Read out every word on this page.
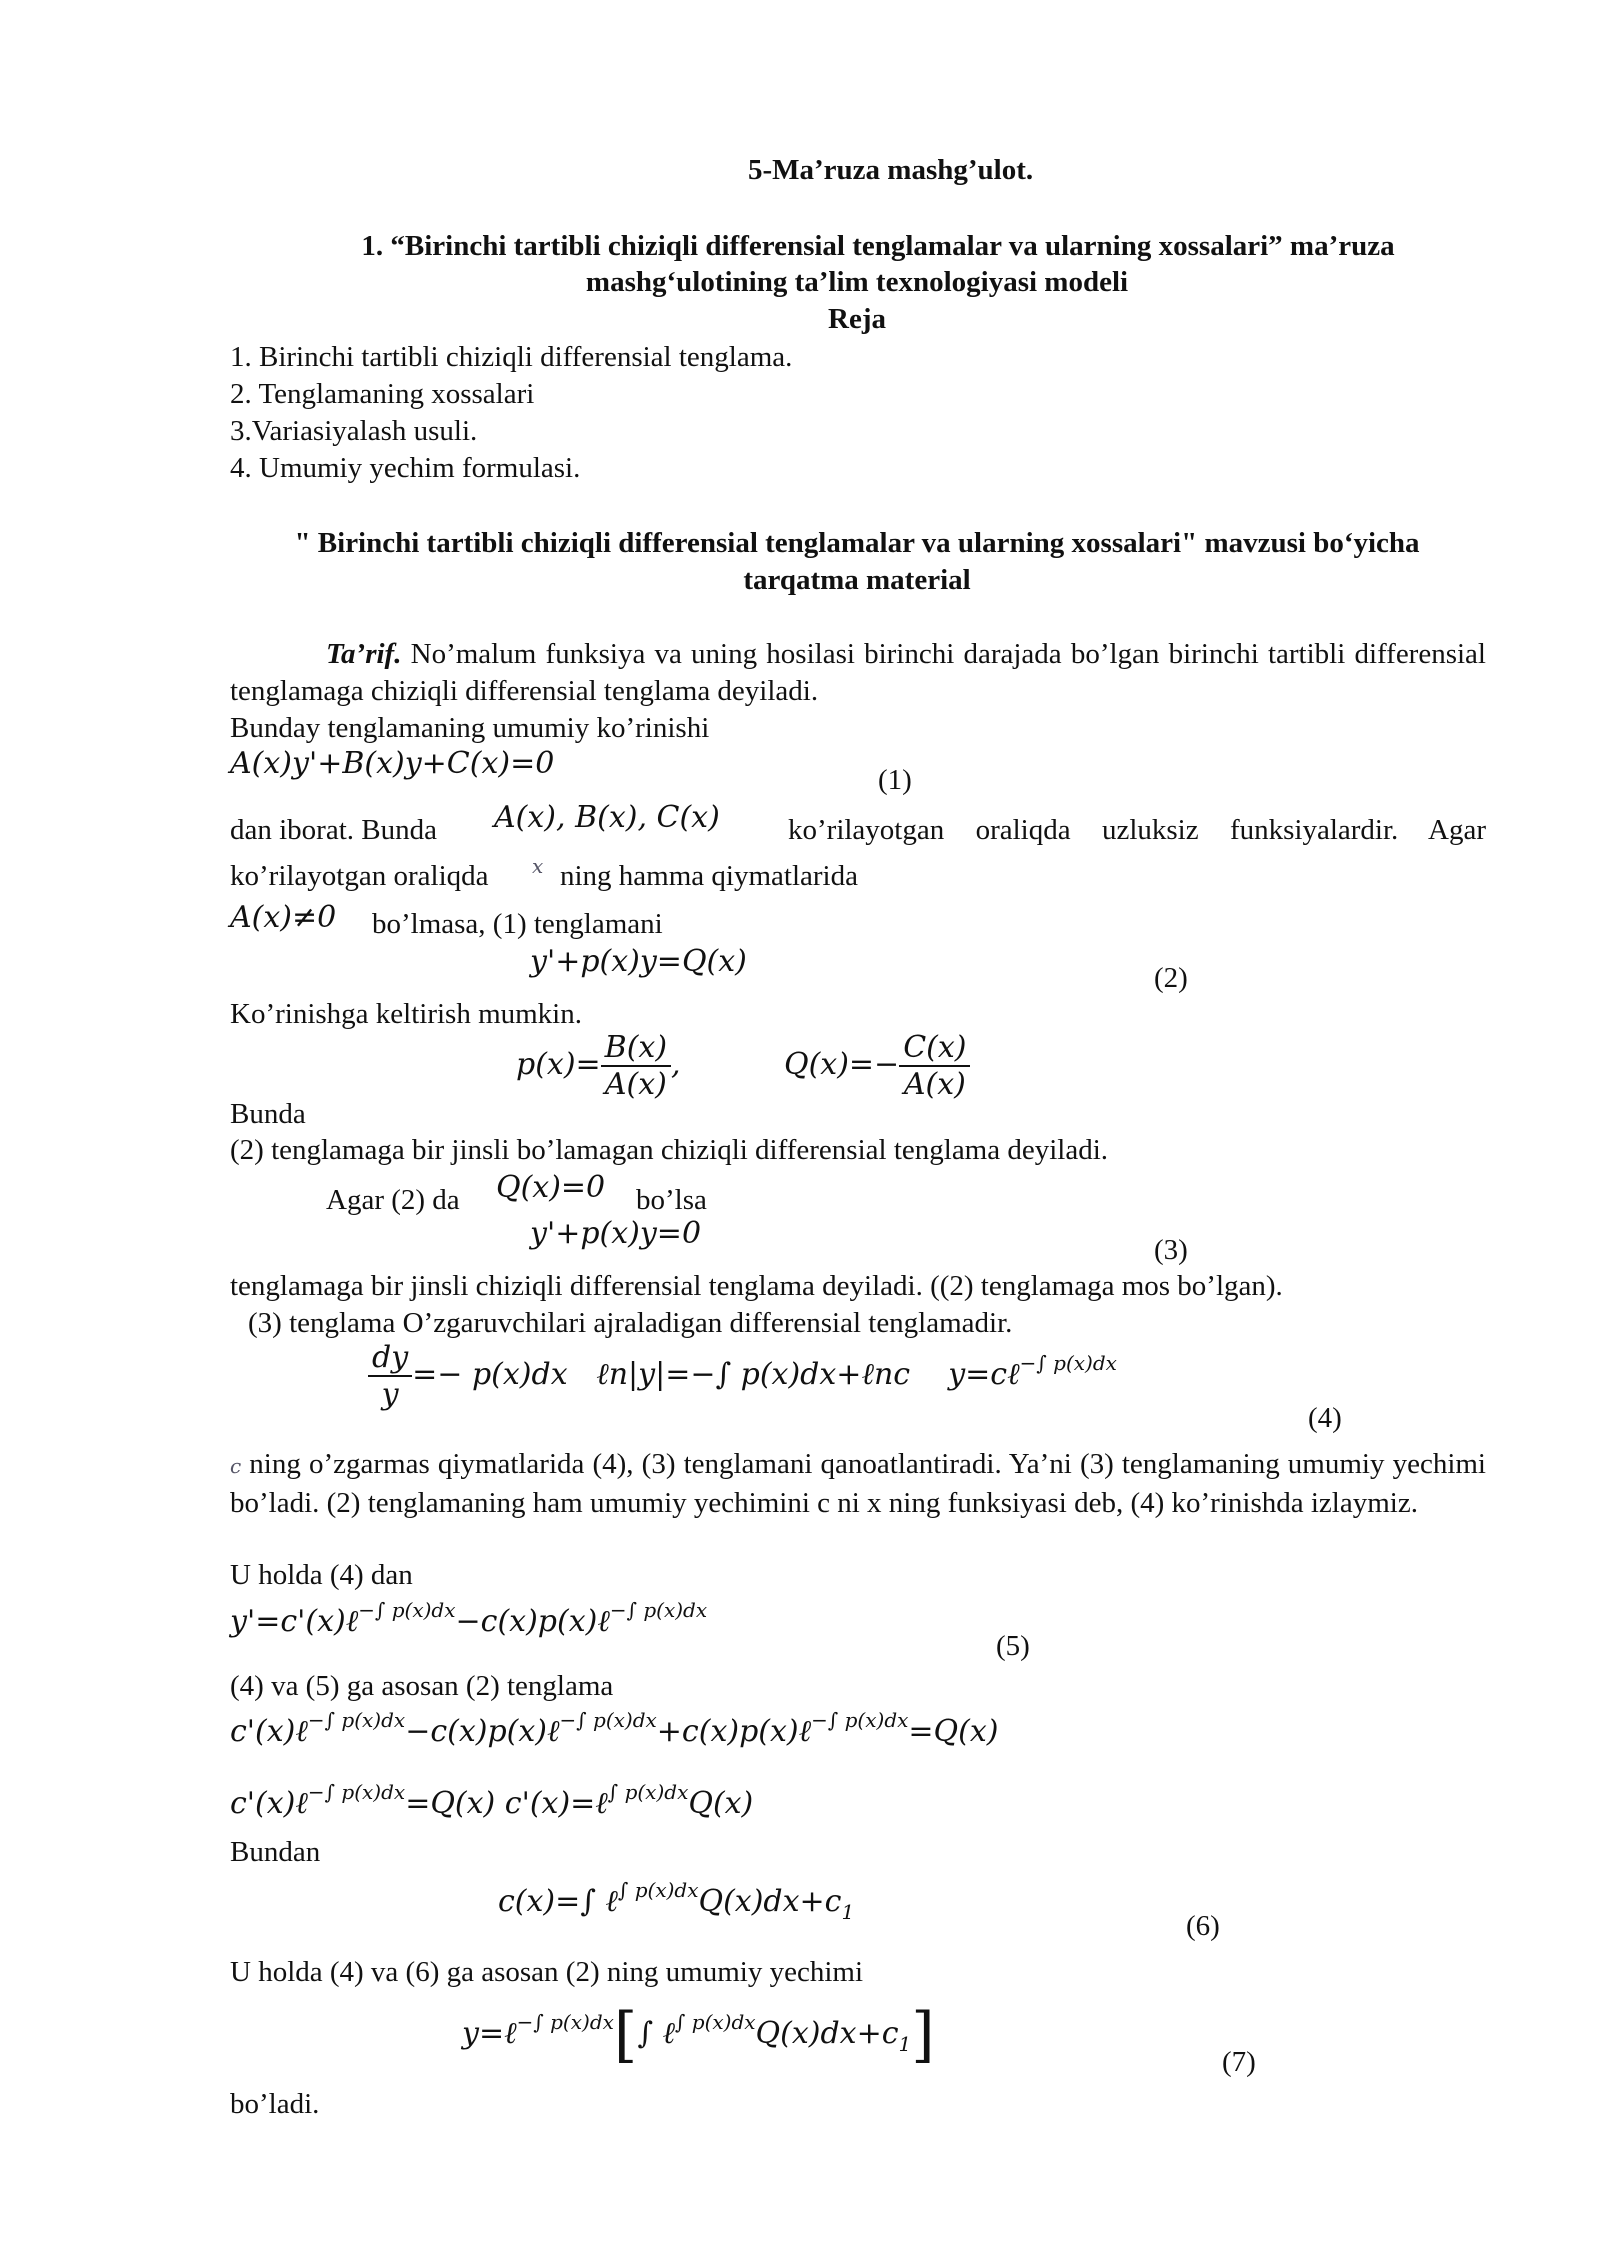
5-Ma’ruza mashg’ulot.
1. “Birinchi tartibli chiziqli differensial tenglamalar va ularning xossalari” ma’ruza
mashg‘ulotining ta’lim texnologiyasi modeli
Reja
1. Birinchi tartibli chiziqli differensial tenglama.
2. Tenglamaning xossalari
3.Variasiyalash usuli.
4. Umumiy yechim formulasi.
" Birinchi tartibli chiziqli differensial tenglamalar va ularning xossalari" mavzusi bo‘yicha
tarqatma material
Ta’rif. No’malum funksiya va uning hosilasi birinchi darajada bo’lgan birinchi tartibli differensial tenglamaga chiziqli differensial tenglama deyiladi.
Bunday tenglamaning umumiy ko’rinishi
A(x)y'+B(x)y+C(x)=0	(1)
dan iborat. Bunda A(x), B(x), C(x) ko’rilayotgan oraliqda uzluksiz funksiyalardir. Agar
ko’rilayotgan oraliqda x ning hamma qiymatlarida
A(x)≠0 bo’lmasa, (1) tenglamani
y'+p(x)y=Q(x)	(2)
Ko’rinishga keltirish mumkin.
$p(x)= \frac{B(x)}{A(x)}$ ,	$Q(x)=- \frac{C(x)}{A(x)}$
Bunda
(2) tenglamaga bir jinsli bo’lamagan chiziqli differensial tenglama deyiladi.
Agar (2) da Q(x)=0 bo’lsa
y'+p(x)y=0	(3)
tenglamaga bir jinsli chiziqli differensial tenglama deyiladi. ((2) tenglamaga mos bo’lgan).
(3) tenglama O’zgaruvchilari ajraladigan differensial tenglamadir.
$\frac{dy}{y} =- p(x)dx$ ℓn|y|=−∫ p(x)dx+ℓnc y=cℓ$^{-\int p(x)dx}$
(4)
c ning o’zgarmas qiymatlarida (4), (3) tenglamani qanoatlantiradi. Ya’ni (3) tenglamaning umumiy yechimi bo’ladi. (2) tenglamaning ham umumiy yechimini c ni x ning funksiyasi deb, (4) ko’rinishda izlaymiz.
U holda (4) dan
y'=c'(x)ℓ$^{-\int p(x)dx}$−c(x)p(x)ℓ$^{-\int p(x)dx}$
(5)
(4) va (5) ga asosan (2) tenglama
c'(x)ℓ$^{-\int p(x)dx}$−c(x)p(x)ℓ$^{-\int p(x)dx}$+c(x)p(x)ℓ$^{-\int p(x)dx}$=Q(x)
c'(x)ℓ$^{-\int p(x)dx}$=Q(x) c'(x)=ℓ$^{\int p(x)dx}$Q(x)
Bundan
c(x)=∫ $\ell^{\int p(x)dx}Q(x)dx+c_1$	(6)
U holda (4) va (6) ga asosan (2) ning umumiy yechimi
y=ℓ$^{-\int p(x)dx}$[∫ $\ell^{\int p(x)dx}Q(x)dx+c_1$]	(7)
bo’ladi.
